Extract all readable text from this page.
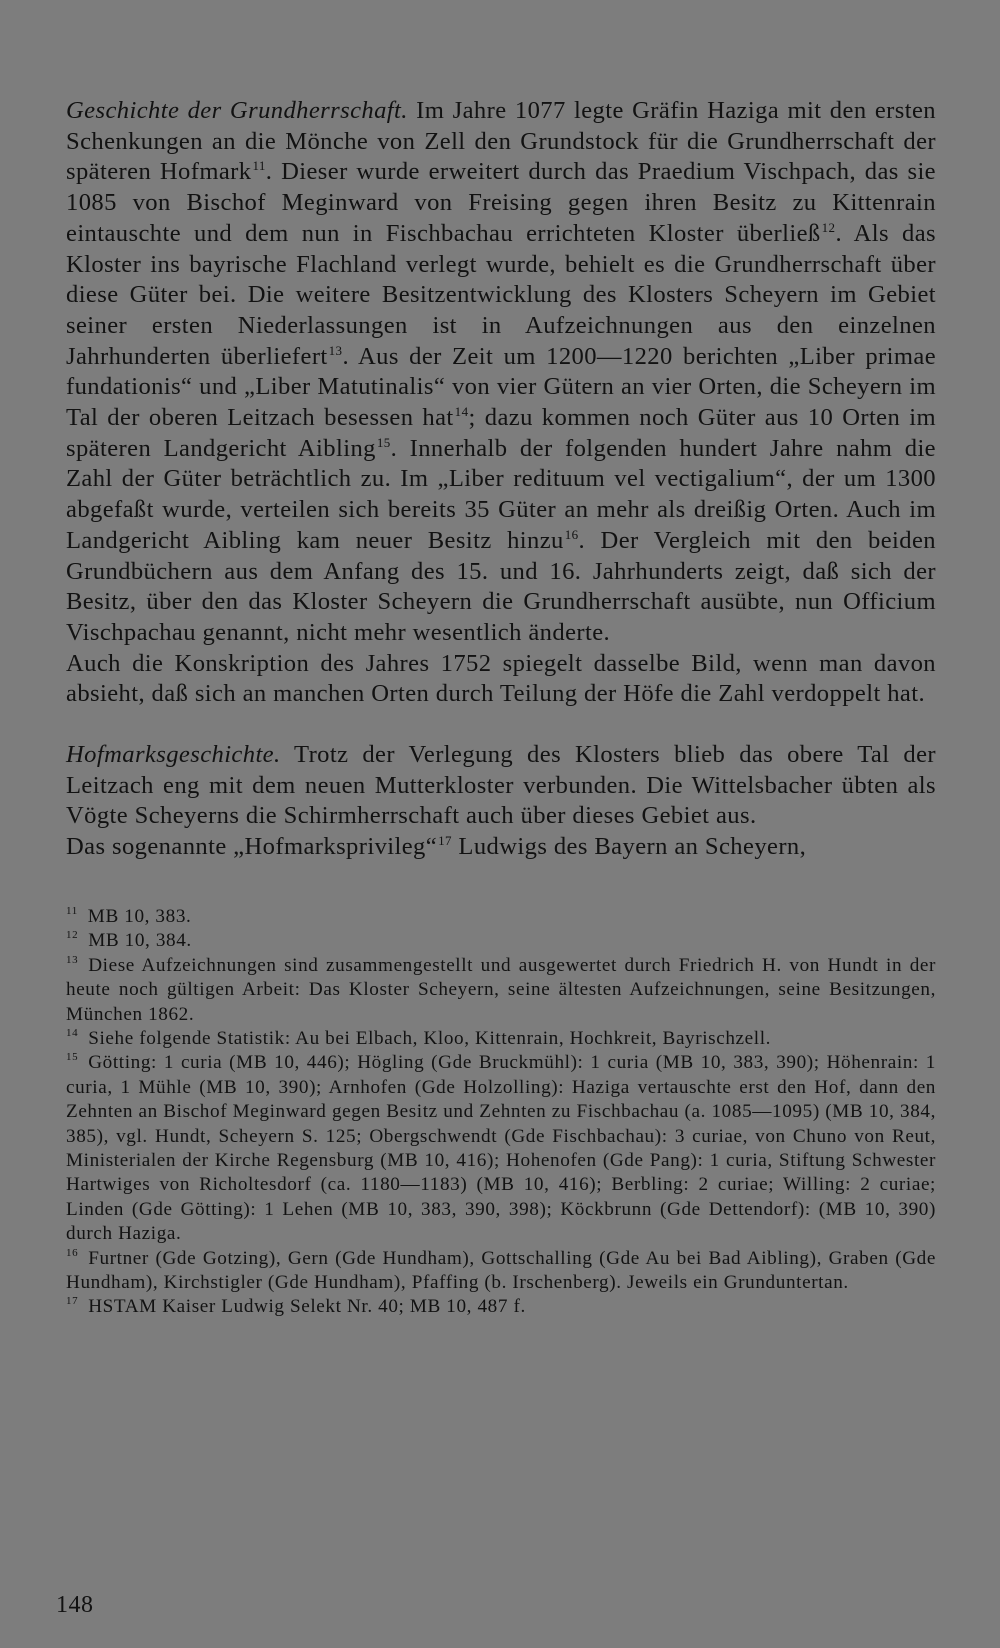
Geschichte der Grundherrschaft. Im Jahre 1077 legte Gräfin Haziga mit den ersten Schenkungen an die Mönche von Zell den Grundstock für die Grundherrschaft der späteren Hofmark$^{11}$. Dieser wurde erweitert durch das Praedium Vischpach, das sie 1085 von Bischof Meginward von Freising gegen ihren Besitz zu Kittenrain eintauschte und dem nun in Fischbachau errichteten Kloster überließ$^{12}$. Als das Kloster ins bayrische Flachland verlegt wurde, behielt es die Grundherrschaft über diese Güter bei. Die weitere Besitzentwicklung des Klosters Scheyern im Gebiet seiner ersten Niederlassungen ist in Aufzeichnungen aus den einzelnen Jahrhunderten überliefert$^{13}$. Aus der Zeit um 1200—1220 berichten „Liber primae fundationis“ und „Liber Matutinalis“ von vier Gütern an vier Orten, die Scheyern im Tal der oberen Leitzach besessen hat$^{14}$; dazu kommen noch Güter aus 10 Orten im späteren Landgericht Aibling$^{15}$. Innerhalb der folgenden hundert Jahre nahm die Zahl der Güter beträchtlich zu. Im „Liber redituum vel vectigalium“, der um 1300 abgefaßt wurde, verteilen sich bereits 35 Güter an mehr als dreißig Orten. Auch im Landgericht Aibling kam neuer Besitz hinzu$^{16}$. Der Vergleich mit den beiden Grundbüchern aus dem Anfang des 15. und 16. Jahrhunderts zeigt, daß sich der Besitz, über den das Kloster Scheyern die Grundherrschaft ausübte, nun Officium Vischpachau genannt, nicht mehr wesentlich änderte.

Auch die Konskription des Jahres 1752 spiegelt dasselbe Bild, wenn man davon absieht, daß sich an manchen Orten durch Teilung der Höfe die Zahl verdoppelt hat.

Hofmarksgeschichte. Trotz der Verlegung des Klosters blieb das obere Tal der Leitzach eng mit dem neuen Mutterkloster verbunden. Die Wittelsbacher übten als Vögte Scheyerns die Schirmherrschaft auch über dieses Gebiet aus.

Das sogenannte „Hofmarksprivileg“$^{17}$ Ludwigs des Bayern an Scheyern,

$^{11}$ MB 10, 383.

$^{12}$ MB 10, 384.

$^{13}$ Diese Aufzeichnungen sind zusammengestellt und ausgewertet durch Friedrich H. von Hundt in der heute noch gültigen Arbeit: Das Kloster Scheyern, seine ältesten Aufzeichnungen, seine Besitzungen, München 1862.

$^{14}$ Siehe folgende Statistik: Au bei Elbach, Kloo, Kittenrain, Hochkreit, Bayrischzell.

$^{15}$ Götting: 1 curia (MB 10, 446); Högling (Gde Bruckmühl): 1 curia (MB 10, 383, 390); Höhenrain: 1 curia, 1 Mühle (MB 10, 390); Arnhofen (Gde Holzolling): Haziga vertauschte erst den Hof, dann den Zehnten an Bischof Meginward gegen Besitz und Zehnten zu Fischbachau (a. 1085—1095) (MB 10, 384, 385), vgl. Hundt, Scheyern S. 125; Obergschwendt (Gde Fischbachau): 3 curiae, von Chuno von Reut, Ministerialen der Kirche Regensburg (MB 10, 416); Hohenofen (Gde Pang): 1 curia, Stiftung Schwester Hartwiges von Richoltesdorf (ca. 1180—1183) (MB 10, 416); Berbling: 2 curiae; Willing: 2 curiae; Linden (Gde Götting): 1 Lehen (MB 10, 383, 390, 398); Köckbrunn (Gde Dettendorf): (MB 10, 390) durch Haziga.

$^{16}$ Furtner (Gde Gotzing), Gern (Gde Hundham), Gottschalling (Gde Au bei Bad Aibling), Graben (Gde Hundham), Kirchstigler (Gde Hundham), Pfaffing (b. Irschenberg). Jeweils ein Grunduntertan.

$^{17}$ HSTAM Kaiser Ludwig Selekt Nr. 40; MB 10, 487 f.

148
